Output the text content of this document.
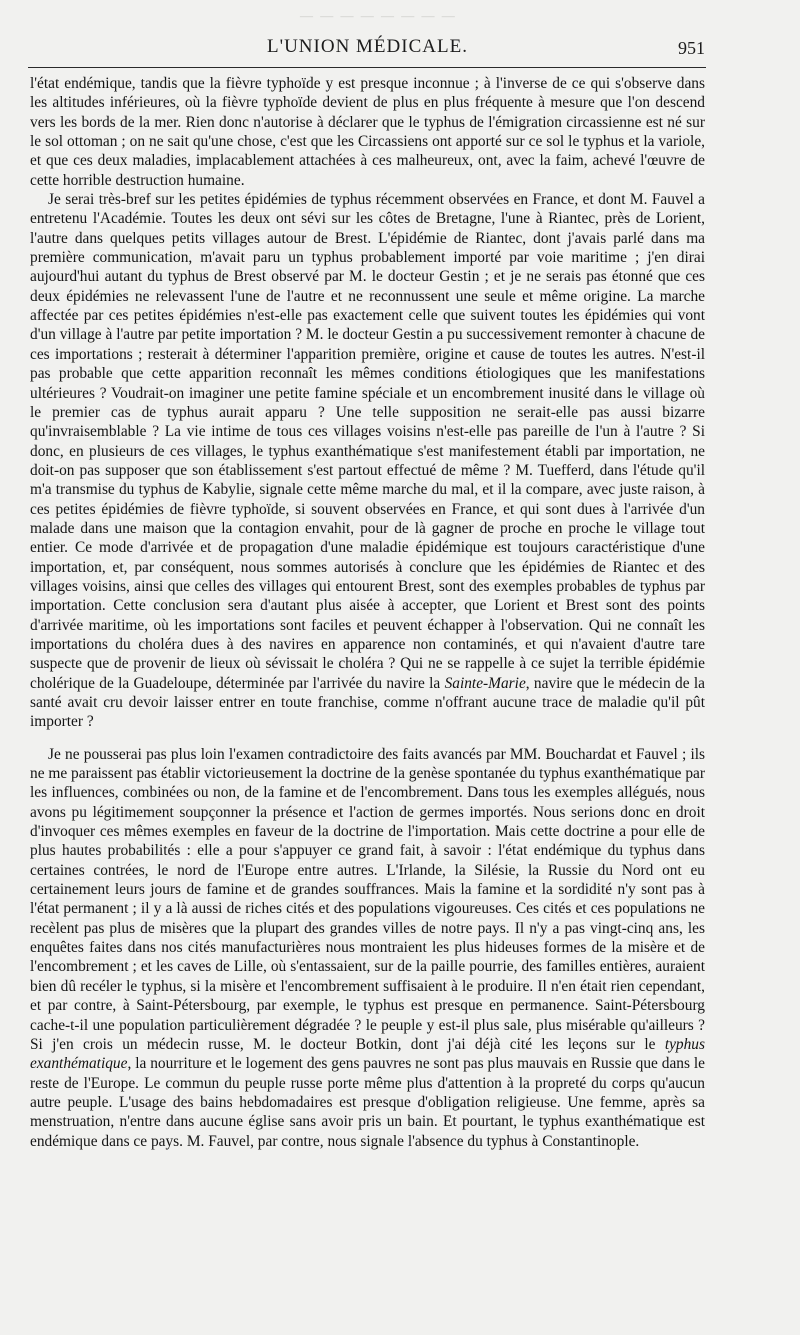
— — — — — — — —
L'UNION MÉDICALE.	951

l'état endémique, tandis que la fièvre typhoïde y est presque inconnue ; à l'inverse de ce qui s'observe dans les altitudes inférieures, où la fièvre typhoïde devient de plus en plus fréquente à mesure que l'on descend vers les bords de la mer. Rien donc n'autorise à déclarer que le typhus de l'émigration circassienne est né sur le sol ottoman ; on ne sait qu'une chose, c'est que les Circassiens ont apporté sur ce sol le typhus et la variole, et que ces deux maladies, implacablement attachées à ces malheureux, ont, avec la faim, achevé l'œuvre de cette horrible destruction humaine.

Je serai très-bref sur les petites épidémies de typhus récemment observées en France, et dont M. Fauvel a entretenu l'Académie. Toutes les deux ont sévi sur les côtes de Bretagne, l'une à Riantec, près de Lorient, l'autre dans quelques petits villages autour de Brest. L'épidémie de Riantec, dont j'avais parlé dans ma première communication, m'avait paru un typhus probablement importé par voie maritime ; j'en dirai aujourd'hui autant du typhus de Brest observé par M. le docteur Gestin ; et je ne serais pas étonné que ces deux épidémies ne relevassent l'une de l'autre et ne reconnussent une seule et même origine. La marche affectée par ces petites épidémies n'est-elle pas exactement celle que suivent toutes les épidémies qui vont d'un village à l'autre par petite importation ? M. le docteur Gestin a pu successivement remonter à chacune de ces importations ; resterait à déterminer l'apparition première, origine et cause de toutes les autres. N'est-il pas probable que cette apparition reconnaît les mêmes conditions étiologiques que les manifestations ultérieures ? Voudrait-on imaginer une petite famine spéciale et un encombrement inusité dans le village où le premier cas de typhus aurait apparu ? Une telle supposition ne serait-elle pas aussi bizarre qu'invraisemblable ? La vie intime de tous ces villages voisins n'est-elle pas pareille de l'un à l'autre ? Si donc, en plusieurs de ces villages, le typhus exanthématique s'est manifestement établi par importation, ne doit-on pas supposer que son établissement s'est partout effectué de même ? M. Tuefferd, dans l'étude qu'il m'a transmise du typhus de Kabylie, signale cette même marche du mal, et il la compare, avec juste raison, à ces petites épidémies de fièvre typhoïde, si souvent observées en France, et qui sont dues à l'arrivée d'un malade dans une maison que la contagion envahit, pour de là gagner de proche en proche le village tout entier. Ce mode d'arrivée et de propagation d'une maladie épidémique est toujours caractéristique d'une importation, et, par conséquent, nous sommes autorisés à conclure que les épidémies de Riantec et des villages voisins, ainsi que celles des villages qui entourent Brest, sont des exemples probables de typhus par importation. Cette conclusion sera d'autant plus aisée à accepter, que Lorient et Brest sont des points d'arrivée maritime, où les importations sont faciles et peuvent échapper à l'observation. Qui ne connaît les importations du choléra dues à des navires en apparence non contaminés, et qui n'avaient d'autre tare suspecte que de provenir de lieux où sévissait le choléra ? Qui ne se rappelle à ce sujet la terrible épidémie cholérique de la Guadeloupe, déterminée par l'arrivée du navire la Sainte-Marie, navire que le médecin de la santé avait cru devoir laisser entrer en toute franchise, comme n'offrant aucune trace de maladie qu'il pût importer ?

Je ne pousserai pas plus loin l'examen contradictoire des faits avancés par MM. Bouchardat et Fauvel ; ils ne me paraissent pas établir victorieusement la doctrine de la genèse spontanée du typhus exanthématique par les influences, combinées ou non, de la famine et de l'encombrement. Dans tous les exemples allégués, nous avons pu légitimement soupçonner la présence et l'action de germes importés. Nous serions donc en droit d'invoquer ces mêmes exemples en faveur de la doctrine de l'importation. Mais cette doctrine a pour elle de plus hautes probabilités : elle a pour s'appuyer ce grand fait, à savoir : l'état endémique du typhus dans certaines contrées, le nord de l'Europe entre autres. L'Irlande, la Silésie, la Russie du Nord ont eu certainement leurs jours de famine et de grandes souffrances. Mais la famine et la sordidité n'y sont pas à l'état permanent ; il y a là aussi de riches cités et des populations vigoureuses. Ces cités et ces populations ne recèlent pas plus de misères que la plupart des grandes villes de notre pays. Il n'y a pas vingt-cinq ans, les enquêtes faites dans nos cités manufacturières nous montraient les plus hideuses formes de la misère et de l'encombrement ; et les caves de Lille, où s'entassaient, sur de la paille pourrie, des familles entières, auraient bien dû recéler le typhus, si la misère et l'encombrement suffisaient à le produire. Il n'en était rien cependant, et par contre, à Saint-Pétersbourg, par exemple, le typhus est presque en permanence. Saint-Pétersbourg cache-t-il une population particulièrement dégradée ? le peuple y est-il plus sale, plus misérable qu'ailleurs ? Si j'en crois un médecin russe, M. le docteur Botkin, dont j'ai déjà cité les leçons sur le typhus exanthématique, la nourriture et le logement des gens pauvres ne sont pas plus mauvais en Russie que dans le reste de l'Europe. Le commun du peuple russe porte même plus d'attention à la propreté du corps qu'aucun autre peuple. L'usage des bains hebdomadaires est presque d'obligation religieuse. Une femme, après sa menstruation, n'entre dans aucune église sans avoir pris un bain. Et pourtant, le typhus exanthématique est endémique dans ce pays. M. Fauvel, par contre, nous signale l'absence du typhus à Constantinople.
